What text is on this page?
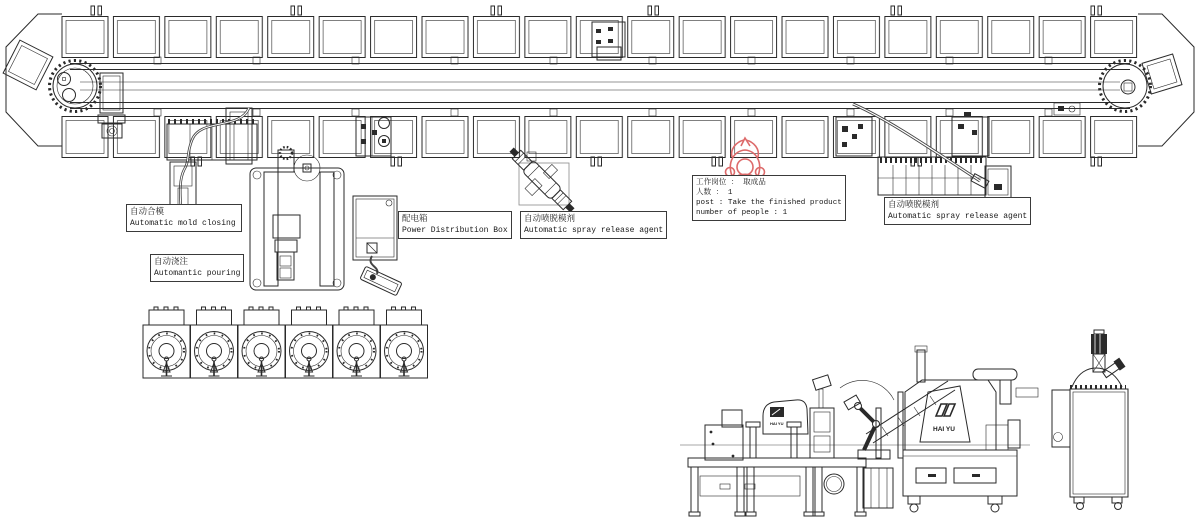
HAI YU
HAI YU
自动合模
Automatic mold closing
自动浇注
Automantic pouring
配电箱
Power Distribution Box
自动喷脱模剂
Automatic spray release agent
工作岗位 ： 取成品
人数 ： 1
post : Take the finished product
number of people : 1
自动喷脱模剂
Automatic spray release agent
